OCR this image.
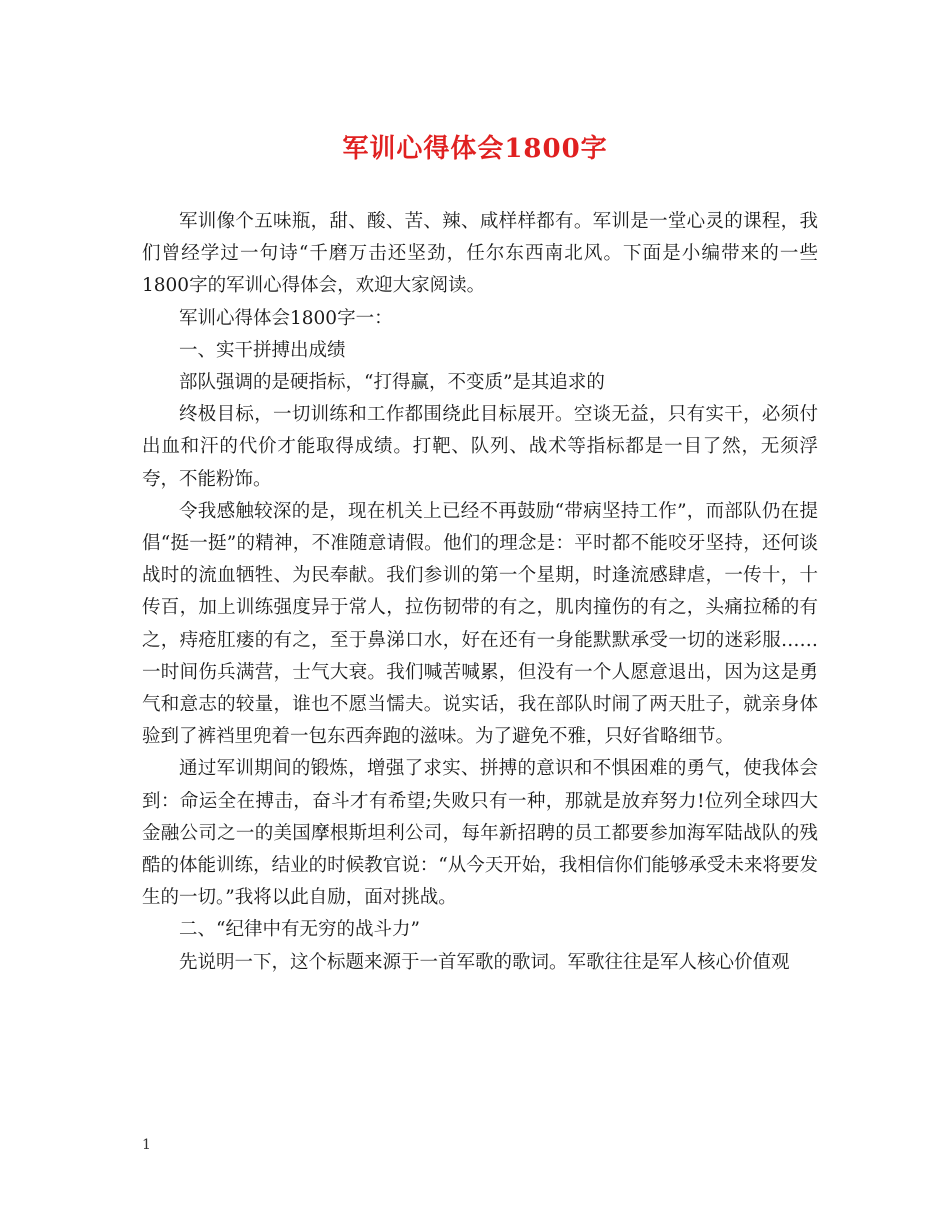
军训心得体会1800字

军训像个五味瓶，甜、酸、苦、辣、咸样样都有。军训是一堂心灵的课程，我们曾经学过一句诗“千磨万击还坚劲，任尔东西南北风。下面是小编带来的一些1800字的军训心得体会，欢迎大家阅读。

军训心得体会1800字一：

一、实干拼搏出成绩

部队强调的是硬指标，“打得赢，不变质”是其追求的

终极目标，一切训练和工作都围绕此目标展开。空谈无益，只有实干，必须付出血和汗的代价才能取得成绩。打靶、队列、战术等指标都是一目了然，无须浮夸，不能粉饰。

令我感触较深的是，现在机关上已经不再鼓励“带病坚持工作”，而部队仍在提倡“挺一挺”的精神，不准随意请假。他们的理念是：平时都不能咬牙坚持，还何谈战时的流血牺牲、为民奉献。我们参训的第一个星期，时逢流感肆虐，一传十，十传百，加上训练强度异于常人，拉伤韧带的有之，肌肉撞伤的有之，头痛拉稀的有之，痔疮肛瘘的有之，至于鼻涕口水，好在还有一身能默默承受一切的迷彩服……一时间伤兵满营，士气大衰。我们喊苦喊累，但没有一个人愿意退出，因为这是勇气和意志的较量，谁也不愿当懦夫。说实话，我在部队时闹了两天肚子，就亲身体验到了裤裆里兜着一包东西奔跑的滋味。为了避免不雅，只好省略细节。

通过军训期间的锻炼，增强了求实、拼搏的意识和不惧困难的勇气，使我体会到：命运全在搏击，奋斗才有希望;失败只有一种，那就是放弃努力!位列全球四大金融公司之一的美国摩根斯坦利公司，每年新招聘的员工都要参加海军陆战队的残酷的体能训练，结业的时候教官说：“从今天开始，我相信你们能够承受未来将要发生的一切。”我将以此自励，面对挑战。

二、“纪律中有无穷的战斗力”

先说明一下，这个标题来源于一首军歌的歌词。军歌往往是军人核心价值观

1
